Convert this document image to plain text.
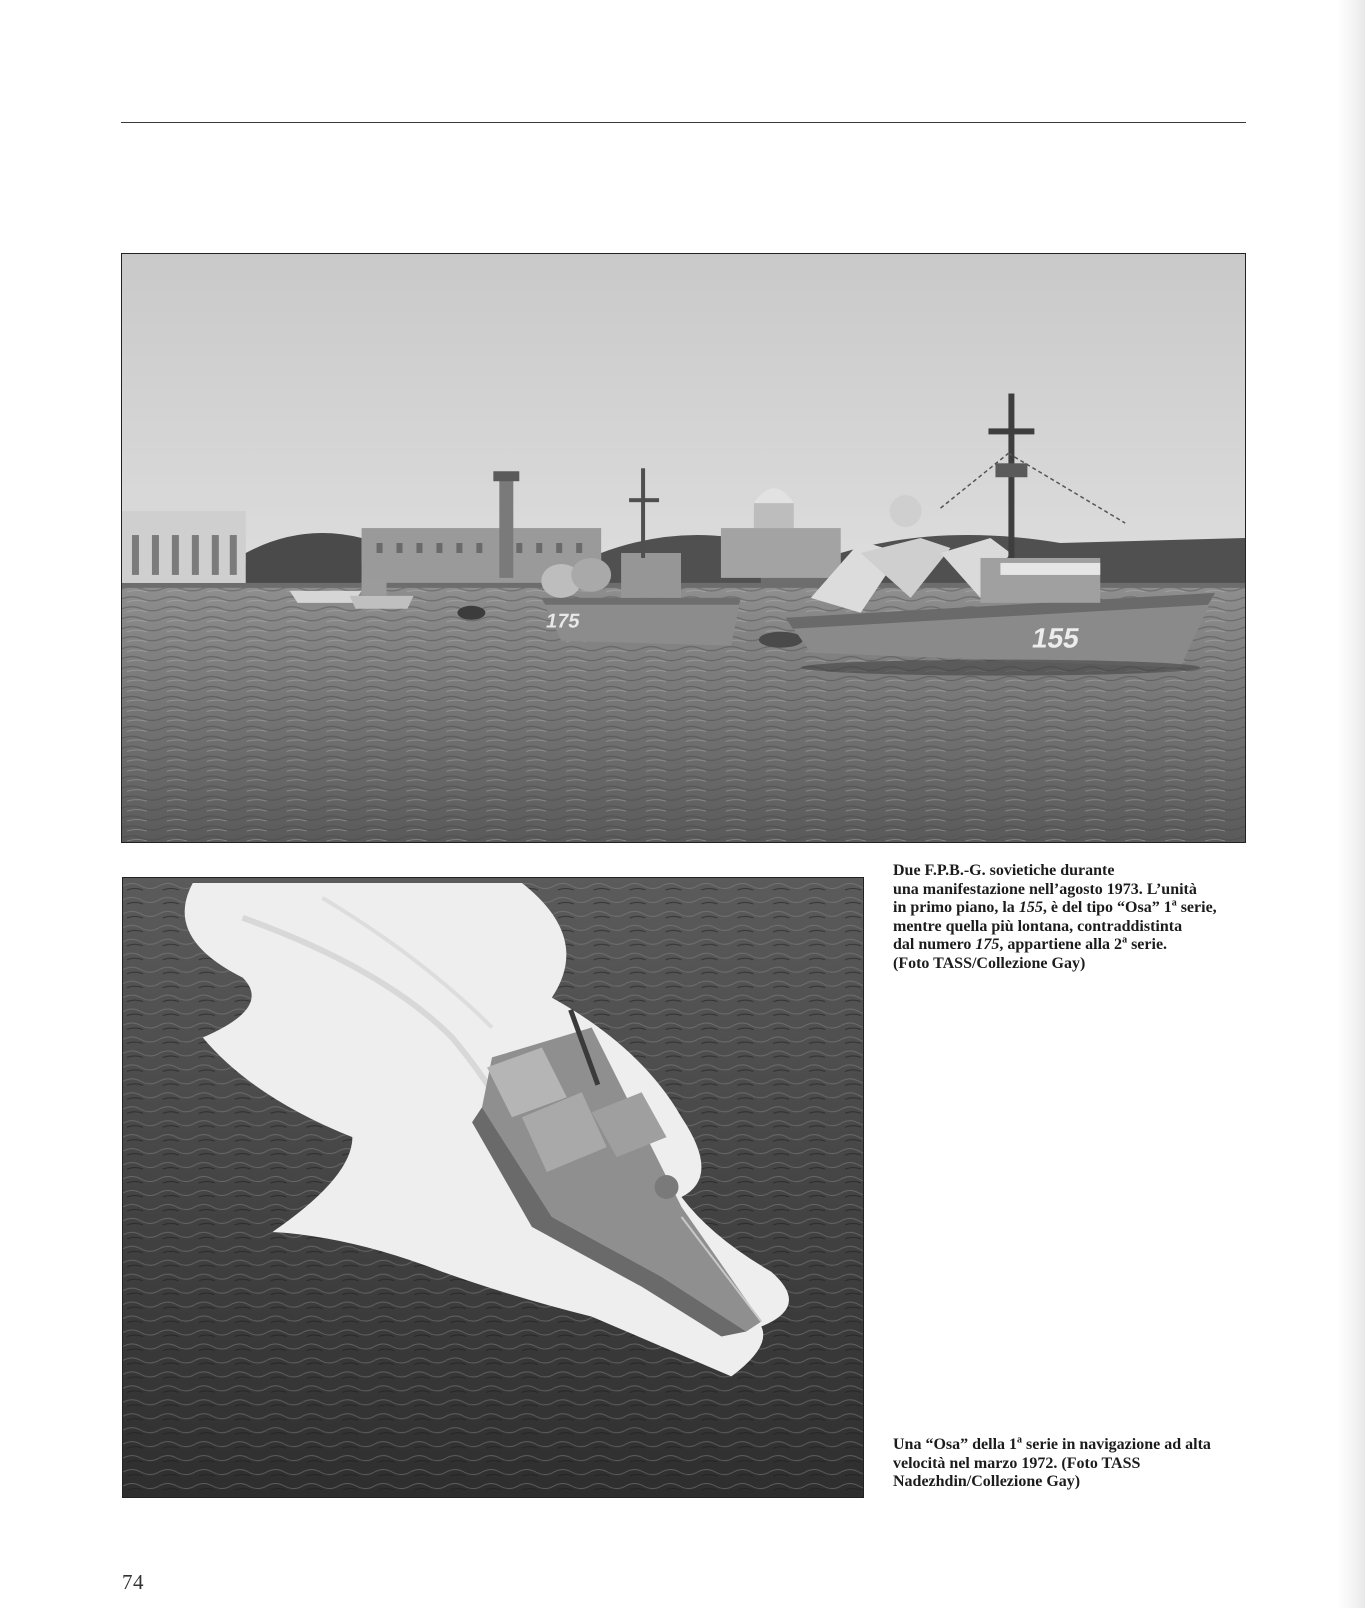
175
155
Due F.P.B.-G. sovietiche durante
una manifestazione nell’agosto 1973. L’unità
in primo piano, la 155, è del tipo “Osa” 1$^a$ serie,
mentre quella più lontana, contraddistinta
dal numero 175, appartiene alla 2$^a$ serie.
(Foto TASS/Collezione Gay)
Una “Osa” della 1$^a$ serie in navigazione ad alta
velocità nel marzo 1972. (Foto TASS
Nadezhdin/Collezione Gay)
74
